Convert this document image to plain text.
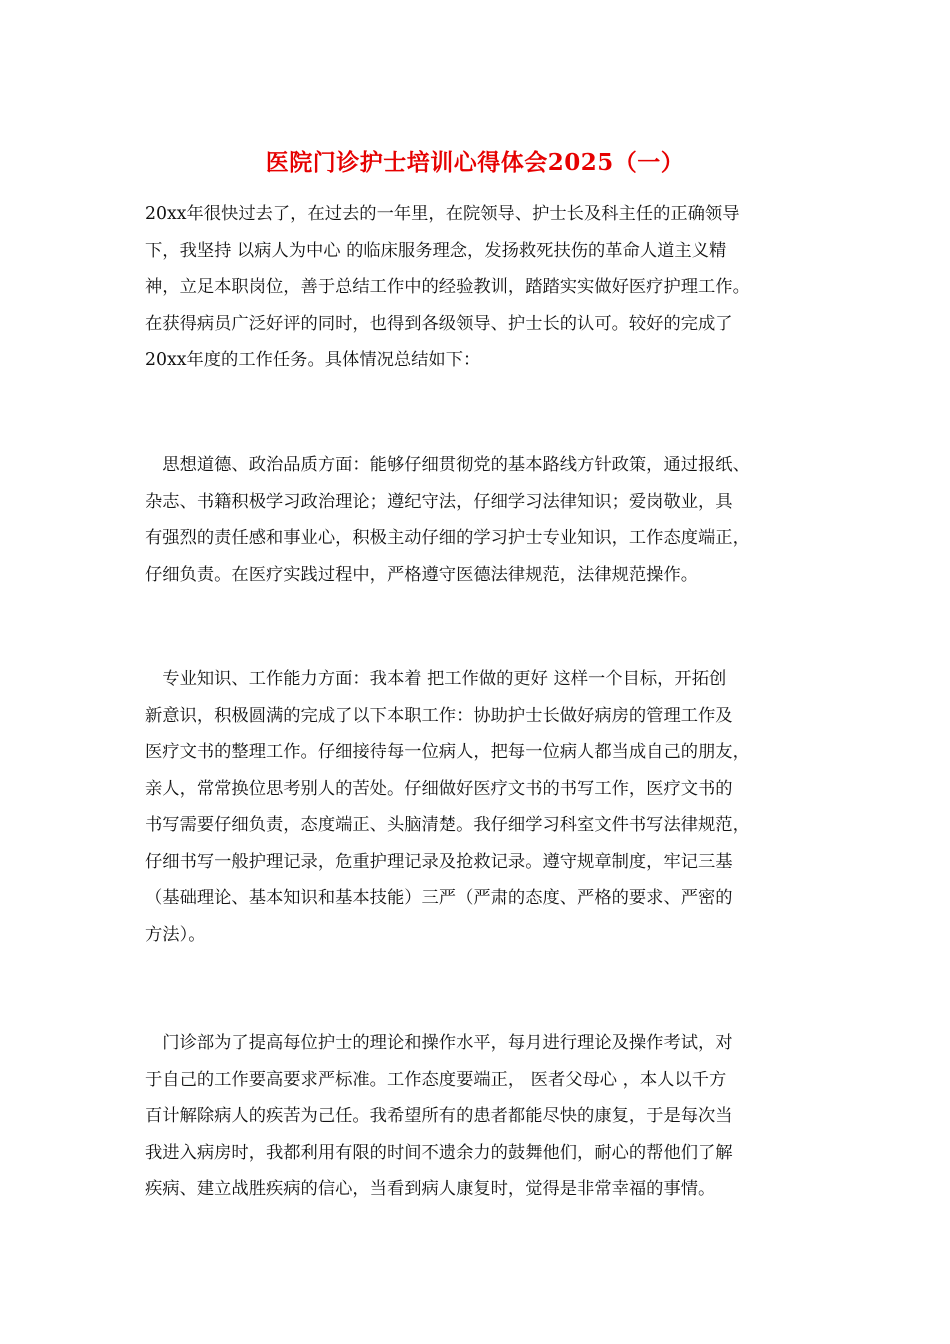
医院门诊护士培训心得体会2025（一）
20xx年很快过去了，在过去的一年里，在院领导、护士长及科主任的正确领导
下，我坚持 以病人为中心 的临床服务理念，发扬救死扶伤的革命人道主义精
神，立足本职岗位，善于总结工作中的经验教训，踏踏实实做好医疗护理工作。
在获得病员广泛好评的同时，也得到各级领导、护士长的认可。较好的完成了
20xx年度的工作任务。具体情况总结如下：
　思想道德、政治品质方面：能够仔细贯彻党的基本路线方针政策，通过报纸、
杂志、书籍积极学习政治理论；遵纪守法，仔细学习法律知识；爱岗敬业，具
有强烈的责任感和事业心，积极主动仔细的学习护士专业知识，工作态度端正，
仔细负责。在医疗实践过程中，严格遵守医德法律规范，法律规范操作。
　专业知识、工作能力方面：我本着 把工作做的更好 这样一个目标，开拓创
新意识，积极圆满的完成了以下本职工作：协助护士长做好病房的管理工作及
医疗文书的整理工作。仔细接待每一位病人，把每一位病人都当成自己的朋友，
亲人，常常换位思考别人的苦处。仔细做好医疗文书的书写工作，医疗文书的
书写需要仔细负责，态度端正、头脑清楚。我仔细学习科室文件书写法律规范，
仔细书写一般护理记录，危重护理记录及抢救记录。遵守规章制度，牢记三基
（基础理论、基本知识和基本技能）三严（严肃的态度、严格的要求、严密的
方法）。
　门诊部为了提高每位护士的理论和操作水平，每月进行理论及操作考试，对
于自己的工作要高要求严标准。工作态度要端正， 医者父母心 ，本人以千方
百计解除病人的疾苦为己任。我希望所有的患者都能尽快的康复，于是每次当
我进入病房时，我都利用有限的时间不遗余力的鼓舞他们，耐心的帮他们了解
疾病、建立战胜疾病的信心，当看到病人康复时，觉得是非常幸福的事情。
